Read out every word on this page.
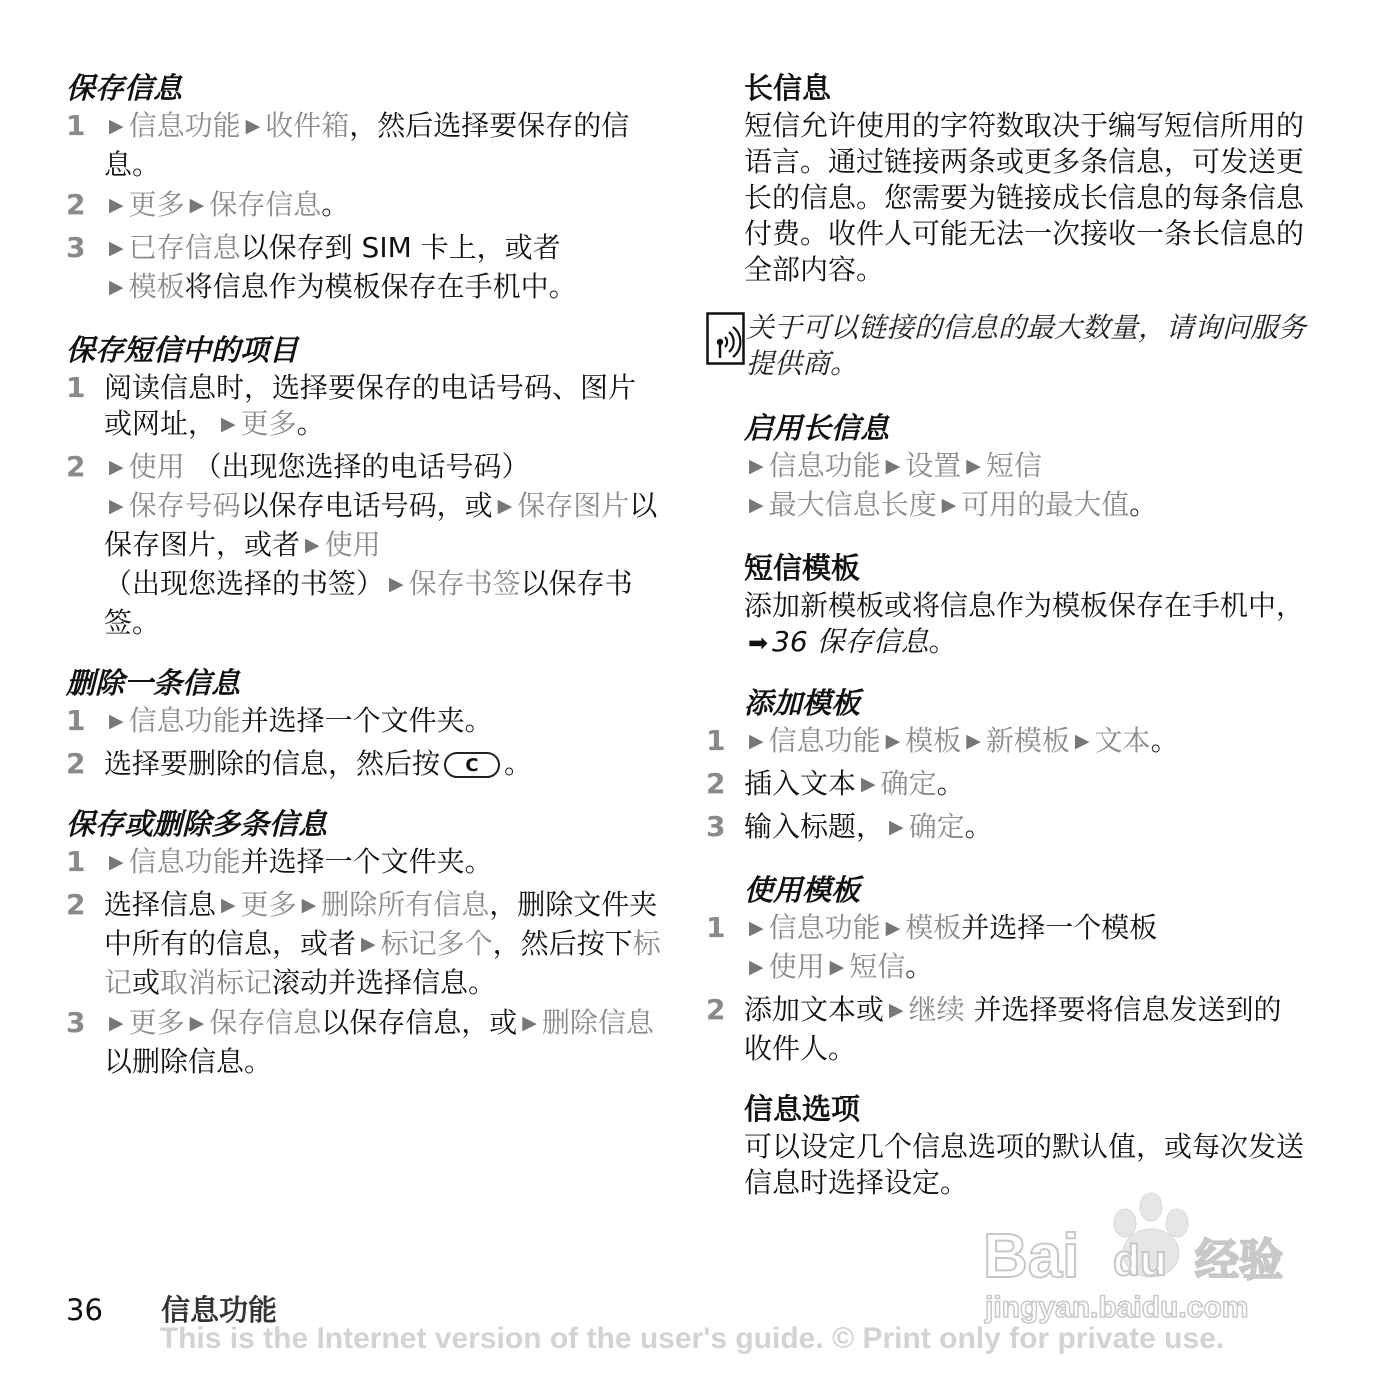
保存信息

1	▶ 信息功能 ▶ 收件箱，然后选择要保存的信息。
2	▶ 更多 ▶ 保存信息。
3	▶ 已存信息以保存到 SIM 卡上，或者
▶ 模板将信息作为模板保存在手机中。

保存短信中的项目

1 阅读信息时，选择要保存的电话号码、图片或网址， ▶ 更多。
2	▶ 使用 （出现您选择的电话号码）
▶ 保存号码以保存电话号码，或 ▶ 保存图片以保存图片，或者 ▶ 使用 （出现您选择的书签） ▶ 保存书签以保存书签。

删除一条信息

1	▶ 信息功能并选择一个文件夹。
2 选择要删除的信息，然后按 C 。

保存或删除多条信息

1	▶ 信息功能并选择一个文件夹。
2 选择信息 ▶ 更多 ▶ 删除所有信息，删除文件夹中所有的信息，或者 ▶ 标记多个，然后按下标记或取消标记滚动并选择信息。
3	▶ 更多 ▶ 保存信息以保存信息，或 ▶ 删除信息以删除信息。

长信息

短信允许使用的字符数取决于编写短信所用的语言。通过链接两条或更多条信息，可发送更长的信息。您需要为链接成长信息的每条信息付费。收件人可能无法一次接收一条长信息的全部内容。
关于可以链接的信息的最大数量，请询问服务提供商。

启用长信息

▶ 信息功能 ▶ 设置 ▶ 短信
▶ 最大信息长度 ▶ 可用的最大值。

短信模板

添加新模板或将信息作为模板保存在手机中，➡ 36 保存信息。

添加模板

1	▶ 信息功能 ▶ 模板 ▶ 新模板 ▶ 文本。
2 插入文本 ▶ 确定。
3 输入标题， ▶ 确定。

使用模板

1	▶ 信息功能 ▶ 模板并选择一个模板
▶ 使用 ▶ 短信。
2 添加文本或 ▶ 继续 并选择要将信息发送到的收件人。

信息选项

可以设定几个信息选项的默认值，或每次发送信息时选择设定。
Bai du 经验
jingyan.baidu.com
36 信息功能
This is the Internet version of the user's guide. © Print only for private use.
